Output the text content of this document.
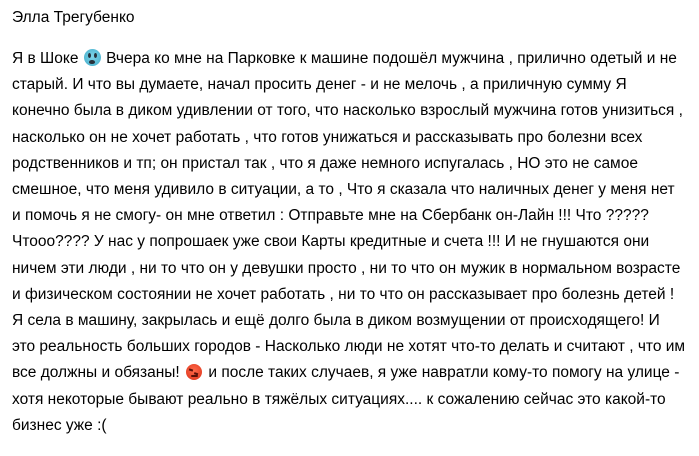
Элла Трегубенко
Я в Шоке Вчера ко мне на Парковке к машине подошёл мужчина , прилично одетый и не старый. И что вы думаете, начал просить денег - и не мелочь , а приличную сумму Я конечно была в диком удивлении от того, что насколько взрослый мужчина готов унизиться , насколько он не хочет работать , что готов унижаться и рассказывать про болезни всех родственников и тп; он пристал так , что я даже немного испугалась , НО это не самое смешное, что меня удивило в ситуации, а то , Что я сказала что наличных денег у меня нет и помочь я не смогу- он мне ответил : Отправьте мне на Сбербанк он-Лайн !!! Что ????? Чтооо???? У нас у попрошаек уже свои Карты кредитные и счета !!! И не гнушаются они ничем эти люди , ни то что он у девушки просто , ни то что он мужик в нормальном возрасте и физическом состоянии не хочет работать , ни то что он рассказывает про болезнь детей ! Я села в машину, закрылась и ещё долго была в диком возмущении от происходящего! И это реальность больших городов - Насколько люди не хотят что-то делать и считают , что им все должны и обязаны! и после таких случаев, я уже навратли кому-то помогу на улице - хотя некоторые бывают реально в тяжёлых ситуациях.... к сожалению сейчас это какой-то бизнес уже :(
